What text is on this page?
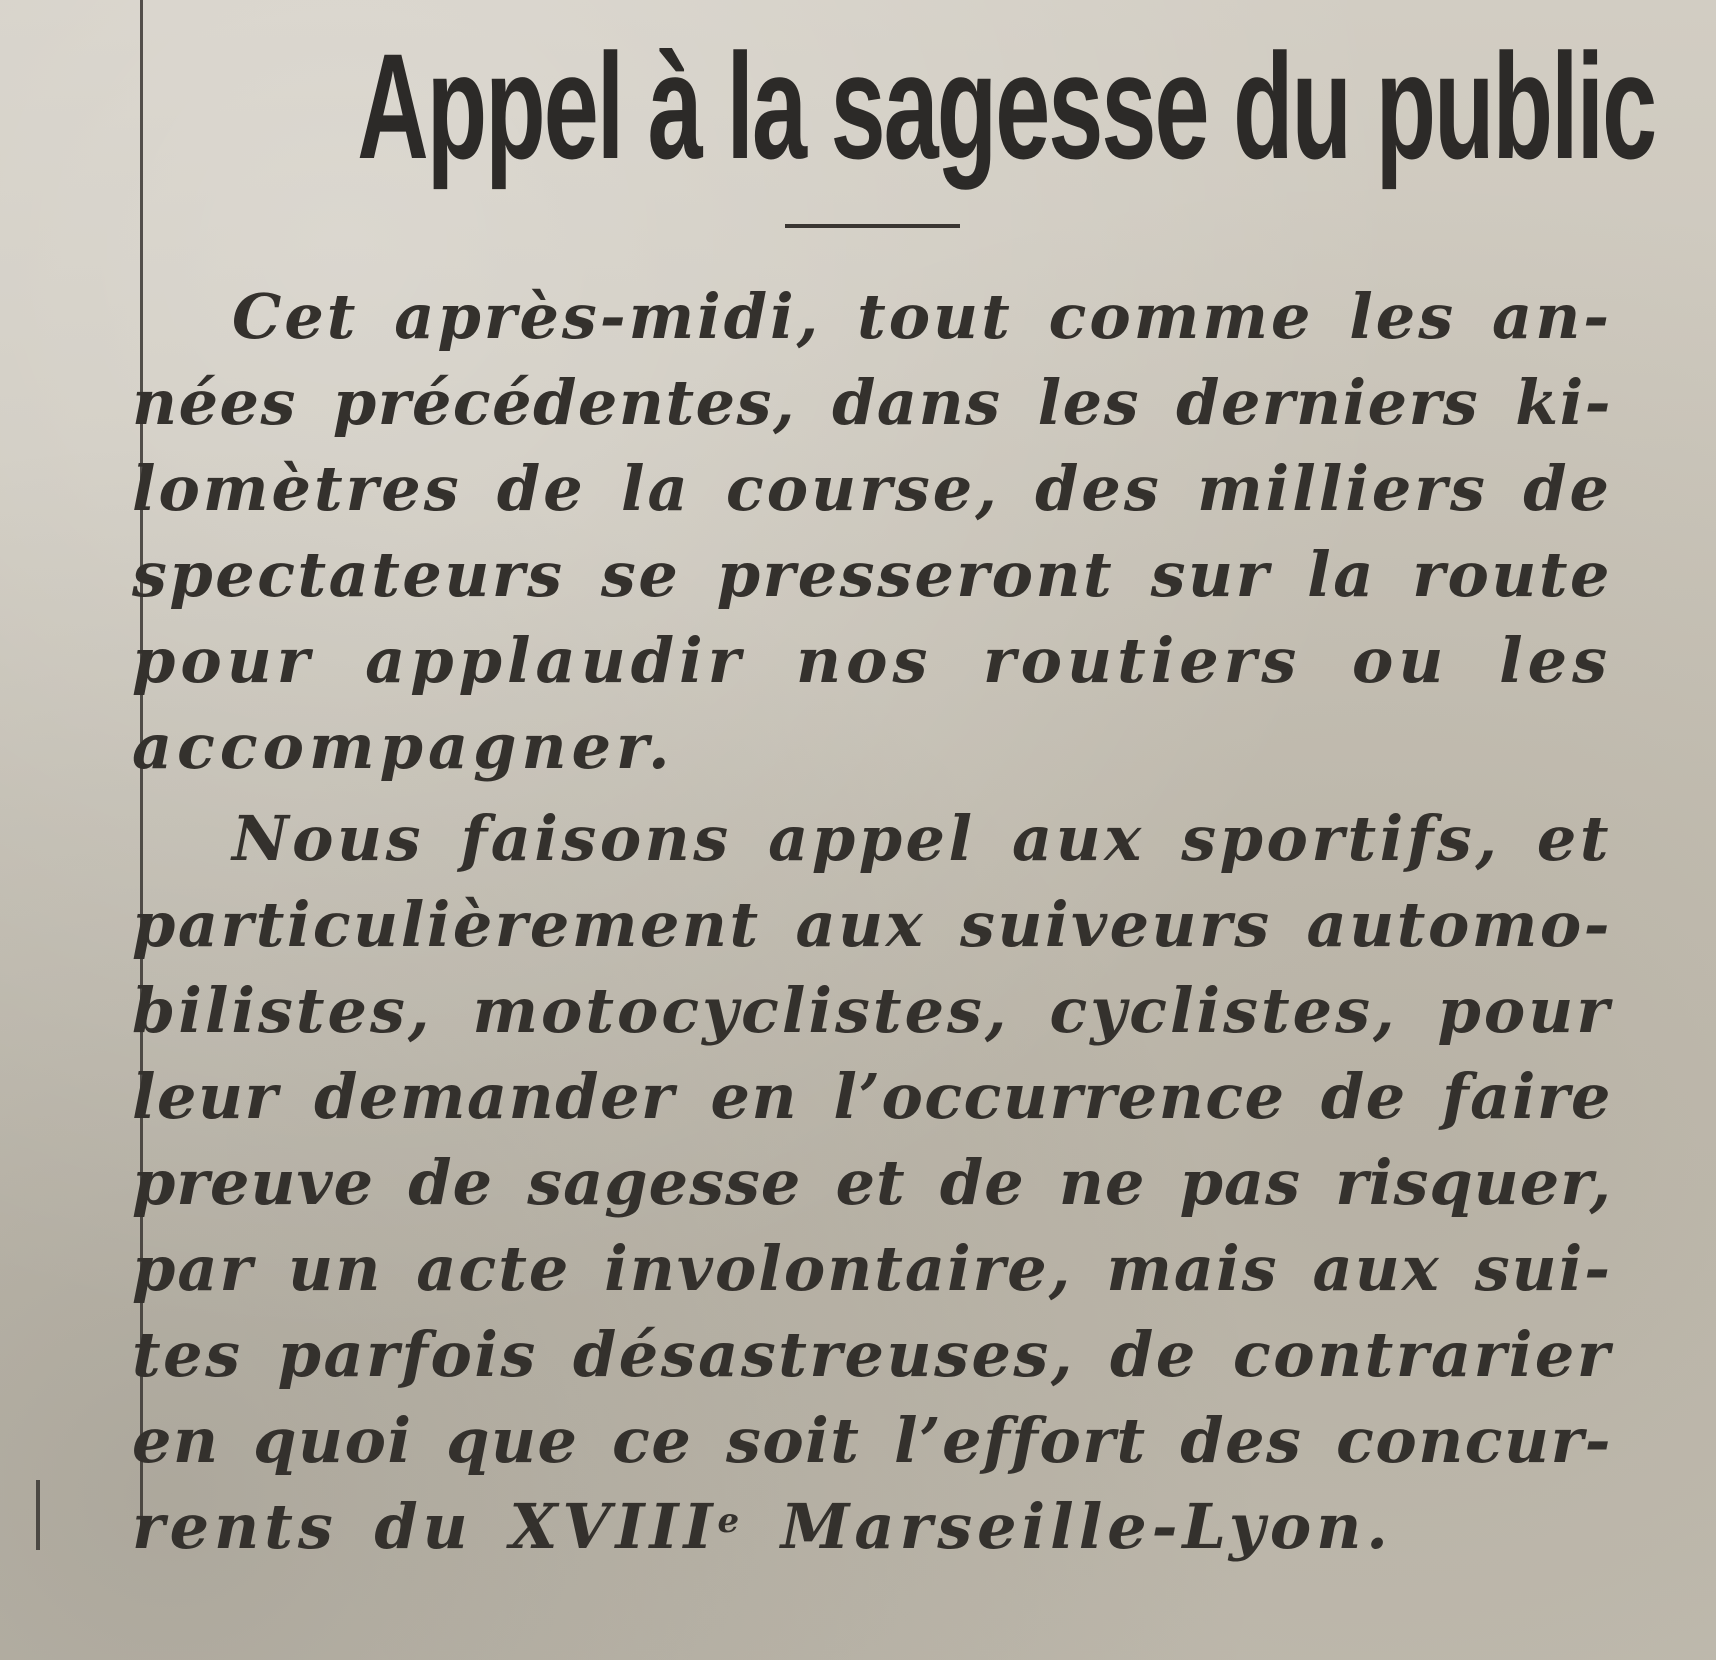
Appel à la sagesse du public

Cet après-midi, tout comme les an-
nées précédentes, dans les derniers ki-
lomètres de la course, des milliers de
spectateurs se presseront sur la route
pour applaudir nos routiers ou les
accompagner.

Nous faisons appel aux sportifs, et
particulièrement aux suiveurs automo-
bilistes, motocyclistes, cyclistes, pour
leur demander en l’occurrence de faire
preuve de sagesse et de ne pas risquer,
par un acte involontaire, mais aux sui-
tes parfois désastreuses, de contrarier
en quoi que ce soit l’effort des concur-
rents du XVIIIe Marseille-Lyon.
